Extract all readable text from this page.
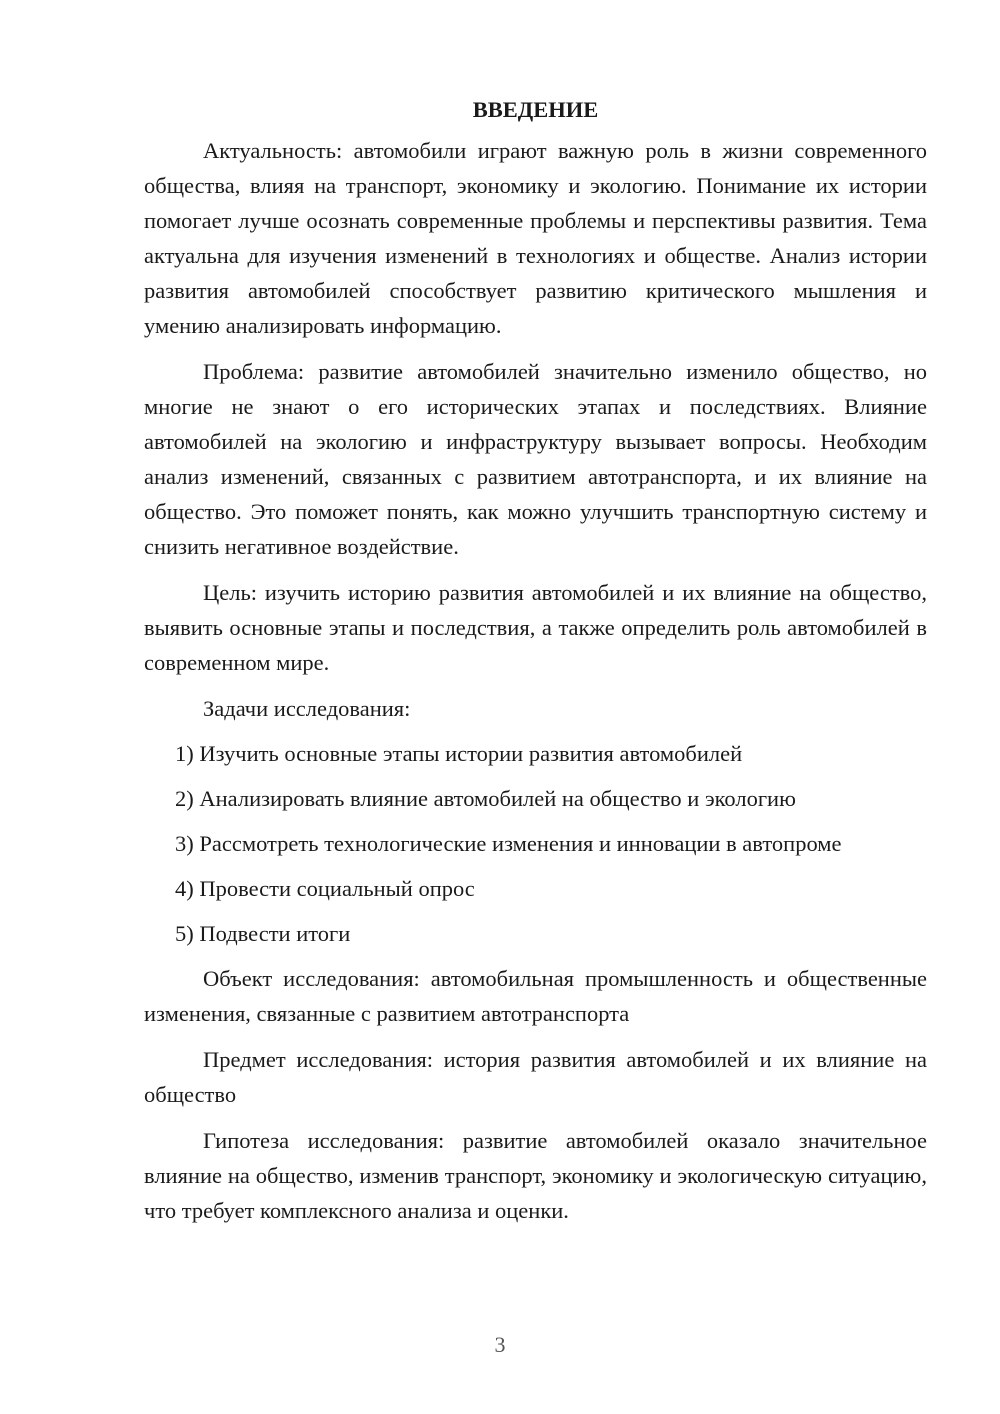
ВВЕДЕНИЕ

Актуальность: автомобили играют важную роль в жизни современного общества, влияя на транспорт, экономику и экологию. Понимание их истории помогает лучше осознать современные проблемы и перспективы развития. Тема актуальна для изучения изменений в технологиях и обществе. Анализ истории развития автомобилей способствует развитию критического мышления и умению анализировать информацию.

Проблема: развитие автомобилей значительно изменило общество, но многие не знают о его исторических этапах и последствиях. Влияние автомобилей на экологию и инфраструктуру вызывает вопросы. Необходим анализ изменений, связанных с развитием автотранспорта, и их влияние на общество. Это поможет понять, как можно улучшить транспортную систему и снизить негативное воздействие.

Цель: изучить историю развития автомобилей и их влияние на общество, выявить основные этапы и последствия, а также определить роль автомобилей в современном мире.

Задачи исследования:

1) Изучить основные этапы истории развития автомобилей
2) Анализировать влияние автомобилей на общество и экологию
3) Рассмотреть технологические изменения и инновации в автопроме
4) Провести социальный опрос
5) Подвести итоги

Объект исследования: автомобильная промышленность и общественные изменения, связанные с развитием автотранспорта

Предмет исследования: история развития автомобилей и их влияние на общество

Гипотеза исследования: развитие автомобилей оказало значительное влияние на общество, изменив транспорт, экономику и экологическую ситуацию, что требует комплексного анализа и оценки.

3
